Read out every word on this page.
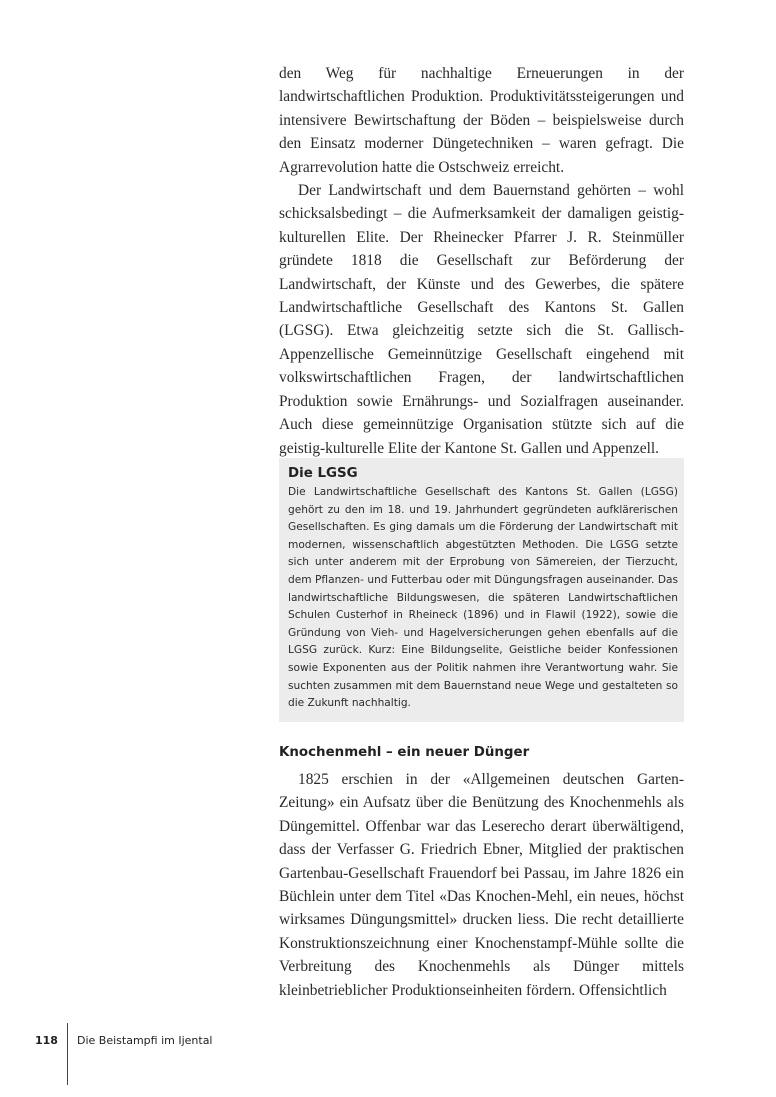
den Weg für nachhaltige Erneuerungen in der landwirtschaftlichen Produktion. Produktivitätssteigerungen und intensivere Bewirtschaftung der Böden – beispielsweise durch den Einsatz moderner Düngetechniken – waren gefragt. Die Agrarrevolution hatte die Ostschweiz erreicht.

Der Landwirtschaft und dem Bauernstand gehörten – wohl schicksalsbedingt – die Aufmerksamkeit der damaligen geistig-kulturellen Elite. Der Rheinecker Pfarrer J. R. Steinmüller gründete 1818 die Gesellschaft zur Beförderung der Landwirtschaft, der Künste und des Gewerbes, die spätere Landwirtschaftliche Gesellschaft des Kantons St. Gallen (LGSG). Etwa gleichzeitig setzte sich die St. Gallisch-Appenzellische Gemeinnützige Gesellschaft eingehend mit volkswirtschaftlichen Fragen, der landwirtschaftlichen Produktion sowie Ernährungs- und Sozialfragen auseinander. Auch diese gemeinnützige Organisation stützte sich auf die geistig-kulturelle Elite der Kantone St. Gallen und Appenzell.

Die LGSG

Die Landwirtschaftliche Gesellschaft des Kantons St. Gallen (LGSG) gehört zu den im 18. und 19. Jahrhundert gegründeten aufklärerischen Gesellschaften. Es ging damals um die Förderung der Landwirtschaft mit modernen, wissenschaftlich abgestützten Methoden. Die LGSG setzte sich unter anderem mit der Erprobung von Sämereien, der Tierzucht, dem Pflanzen- und Futterbau oder mit Düngungsfragen auseinander. Das landwirtschaftliche Bildungswesen, die späteren Landwirtschaftlichen Schulen Custerhof in Rheineck (1896) und in Flawil (1922), sowie die Gründung von Vieh- und Hagelversicherungen gehen ebenfalls auf die LGSG zurück. Kurz: Eine Bildungselite, Geistliche beider Konfessionen sowie Exponenten aus der Politik nahmen ihre Verantwortung wahr. Sie suchten zusammen mit dem Bauernstand neue Wege und gestalteten so die Zukunft nachhaltig.

Knochenmehl – ein neuer Dünger

1825 erschien in der «Allgemeinen deutschen Garten-Zeitung» ein Aufsatz über die Benützung des Knochenmehls als Düngemittel. Offenbar war das Leserecho derart überwältigend, dass der Verfasser G. Friedrich Ebner, Mitglied der praktischen Gartenbau-Gesellschaft Frauendorf bei Passau, im Jahre 1826 ein Büchlein unter dem Titel «Das Knochen-Mehl, ein neues, höchst wirksames Düngungsmittel» drucken liess. Die recht detaillierte Konstruktionszeichnung einer Knochenstampf-Mühle sollte die Verbreitung des Knochenmehls als Dünger mittels kleinbetrieblicher Produktionseinheiten fördern. Offensichtlich

118 Die Beistampfi im Ijental
